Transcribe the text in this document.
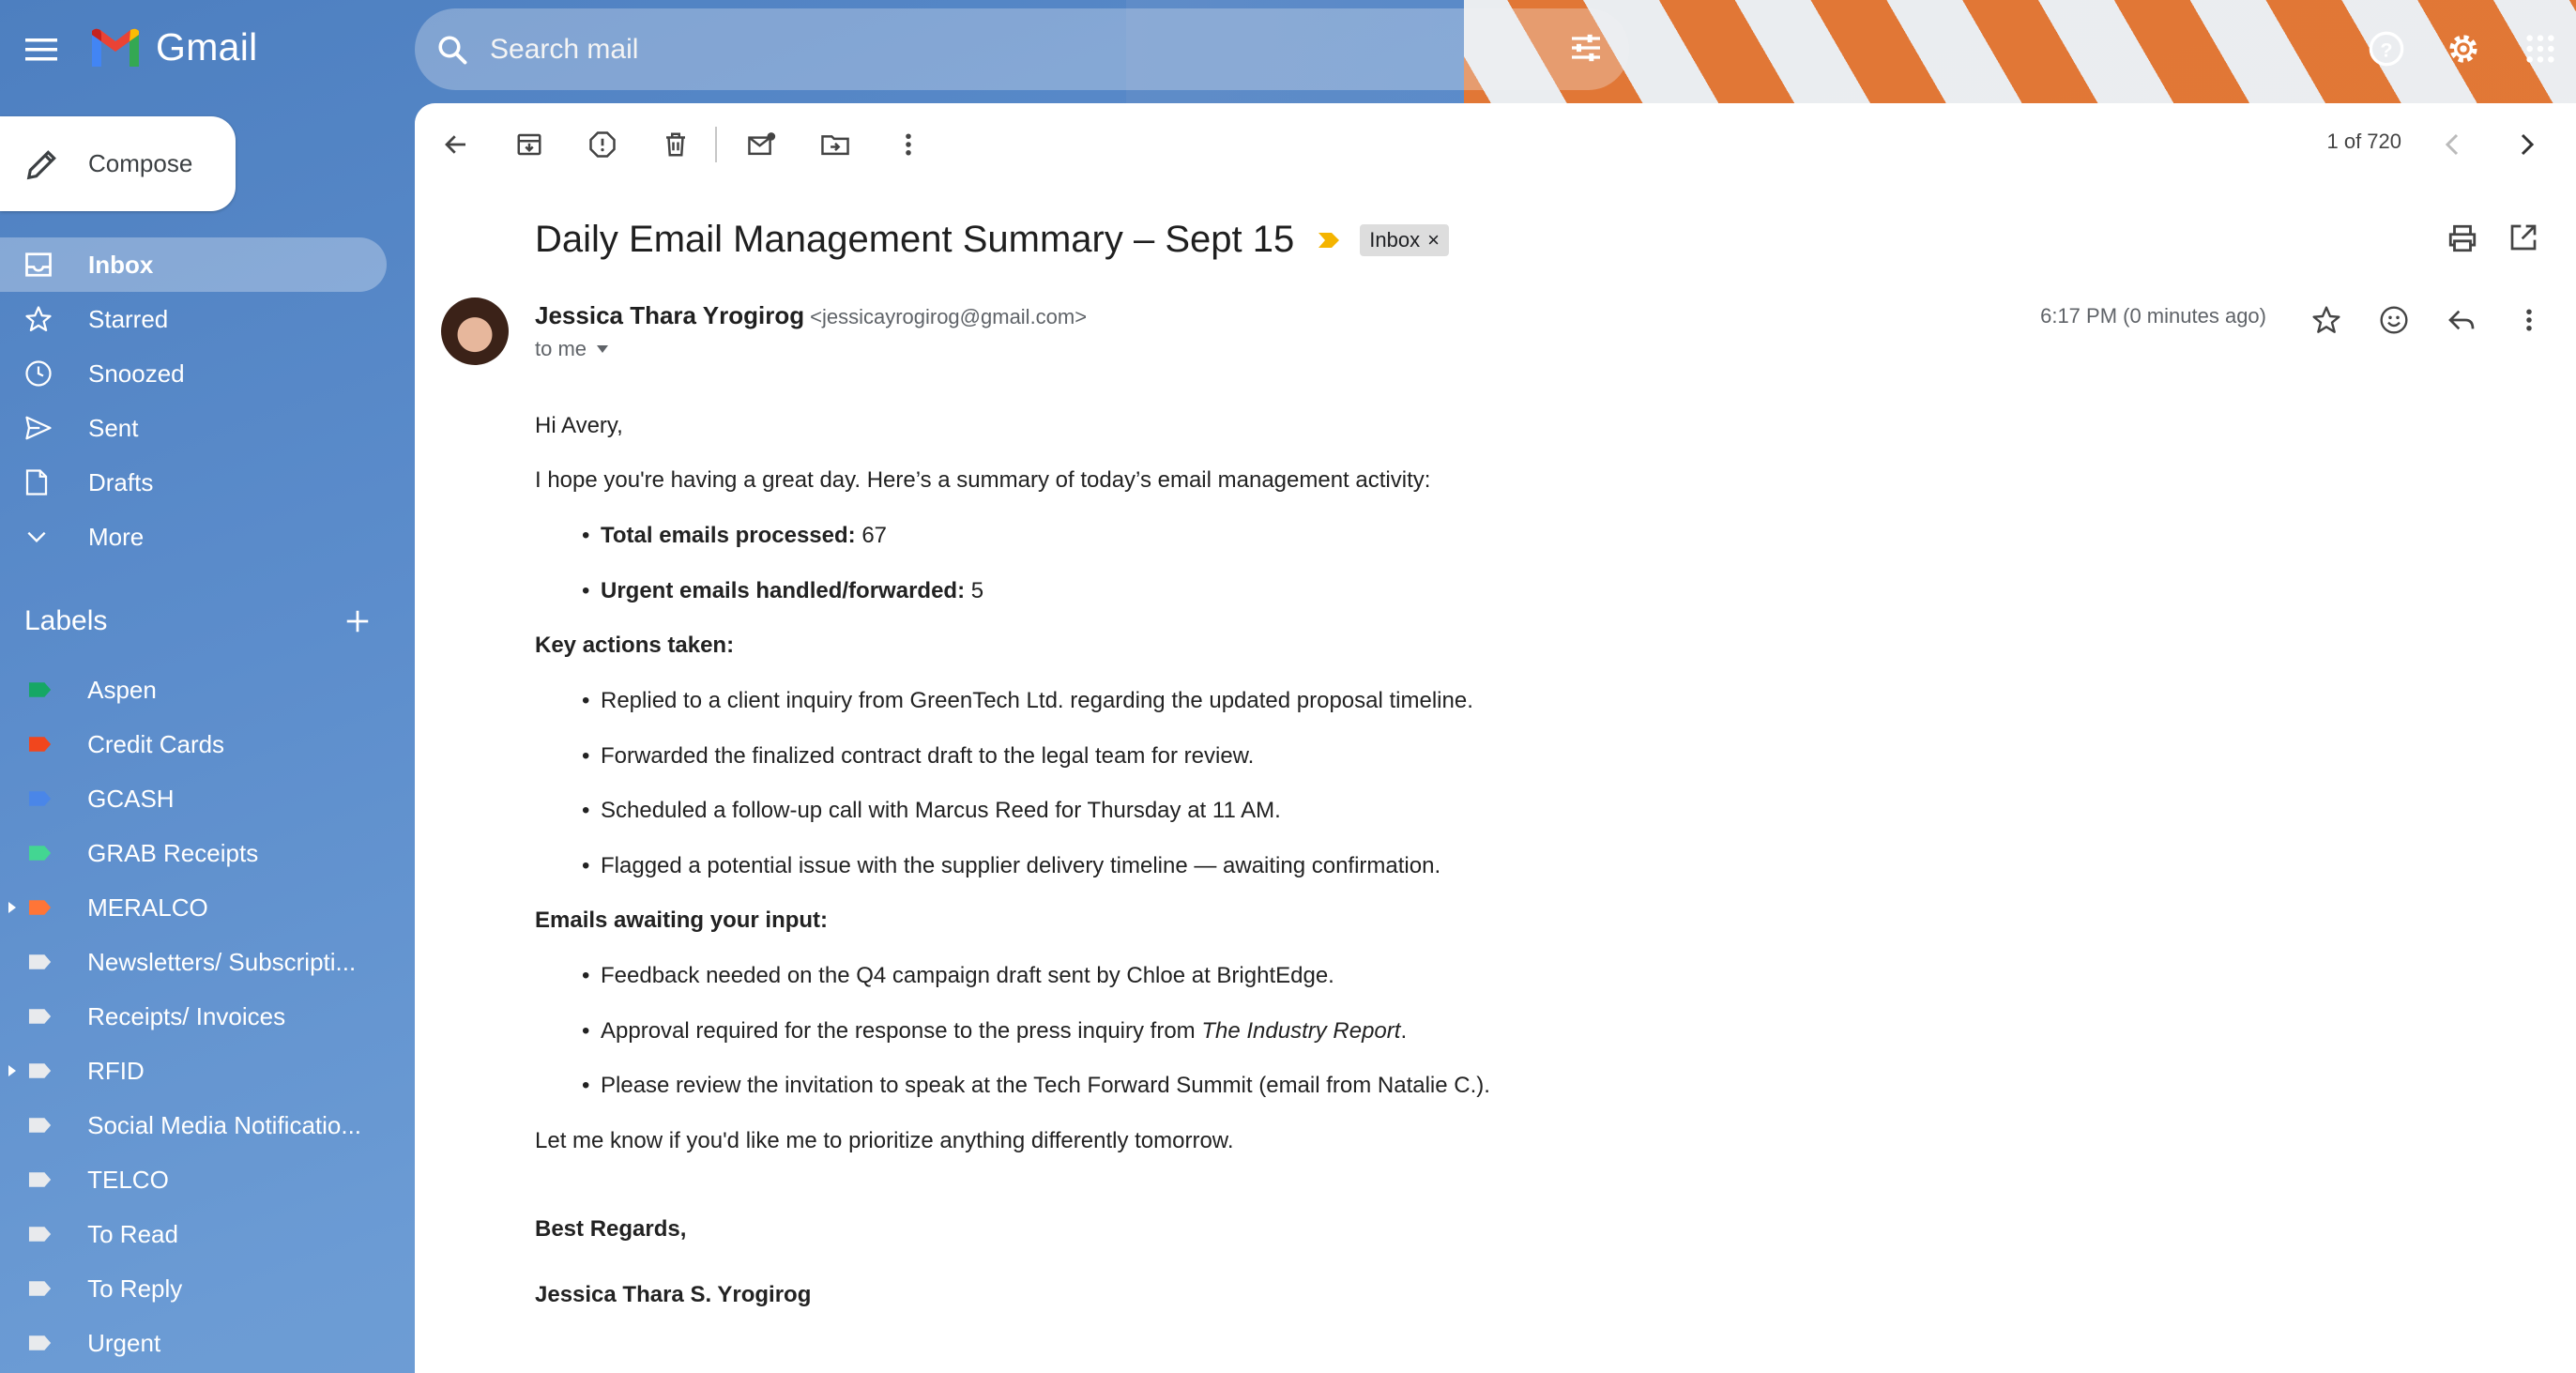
Gmail
Search mail	?
Compose
Inbox
Starred
Snoozed
Sent
Drafts
More
Labels
Aspen
Credit Cards
GCASH
GRAB Receipts
MERALCO
Newsletters/ Subscripti...
Receipts/ Invoices
RFID
Social Media Notificatio...
TELCO
To Read
To Reply
Urgent
1 of 720
Daily Email Management Summary – Sept 15	Inbox ×
Jessica Thara Yrogirog <jessicayrogirog@gmail.com>
to me
6:17 PM (0 minutes ago)

Hi Avery,

I hope you're having a great day. Here’s a summary of today’s email management activity:

• Total emails processed: 67
• Urgent emails handled/forwarded: 5

Key actions taken:

• Replied to a client inquiry from GreenTech Ltd. regarding the updated proposal timeline.
• Forwarded the finalized contract draft to the legal team for review.
• Scheduled a follow-up call with Marcus Reed for Thursday at 11 AM.
• Flagged a potential issue with the supplier delivery timeline — awaiting confirmation.

Emails awaiting your input:

• Feedback needed on the Q4 campaign draft sent by Chloe at BrightEdge.
• Approval required for the response to the press inquiry from The Industry Report.
• Please review the invitation to speak at the Tech Forward Summit (email from Natalie C.).

Let me know if you'd like me to prioritize anything differently tomorrow.

Best Regards,

Jessica Thara S. Yrogirog
